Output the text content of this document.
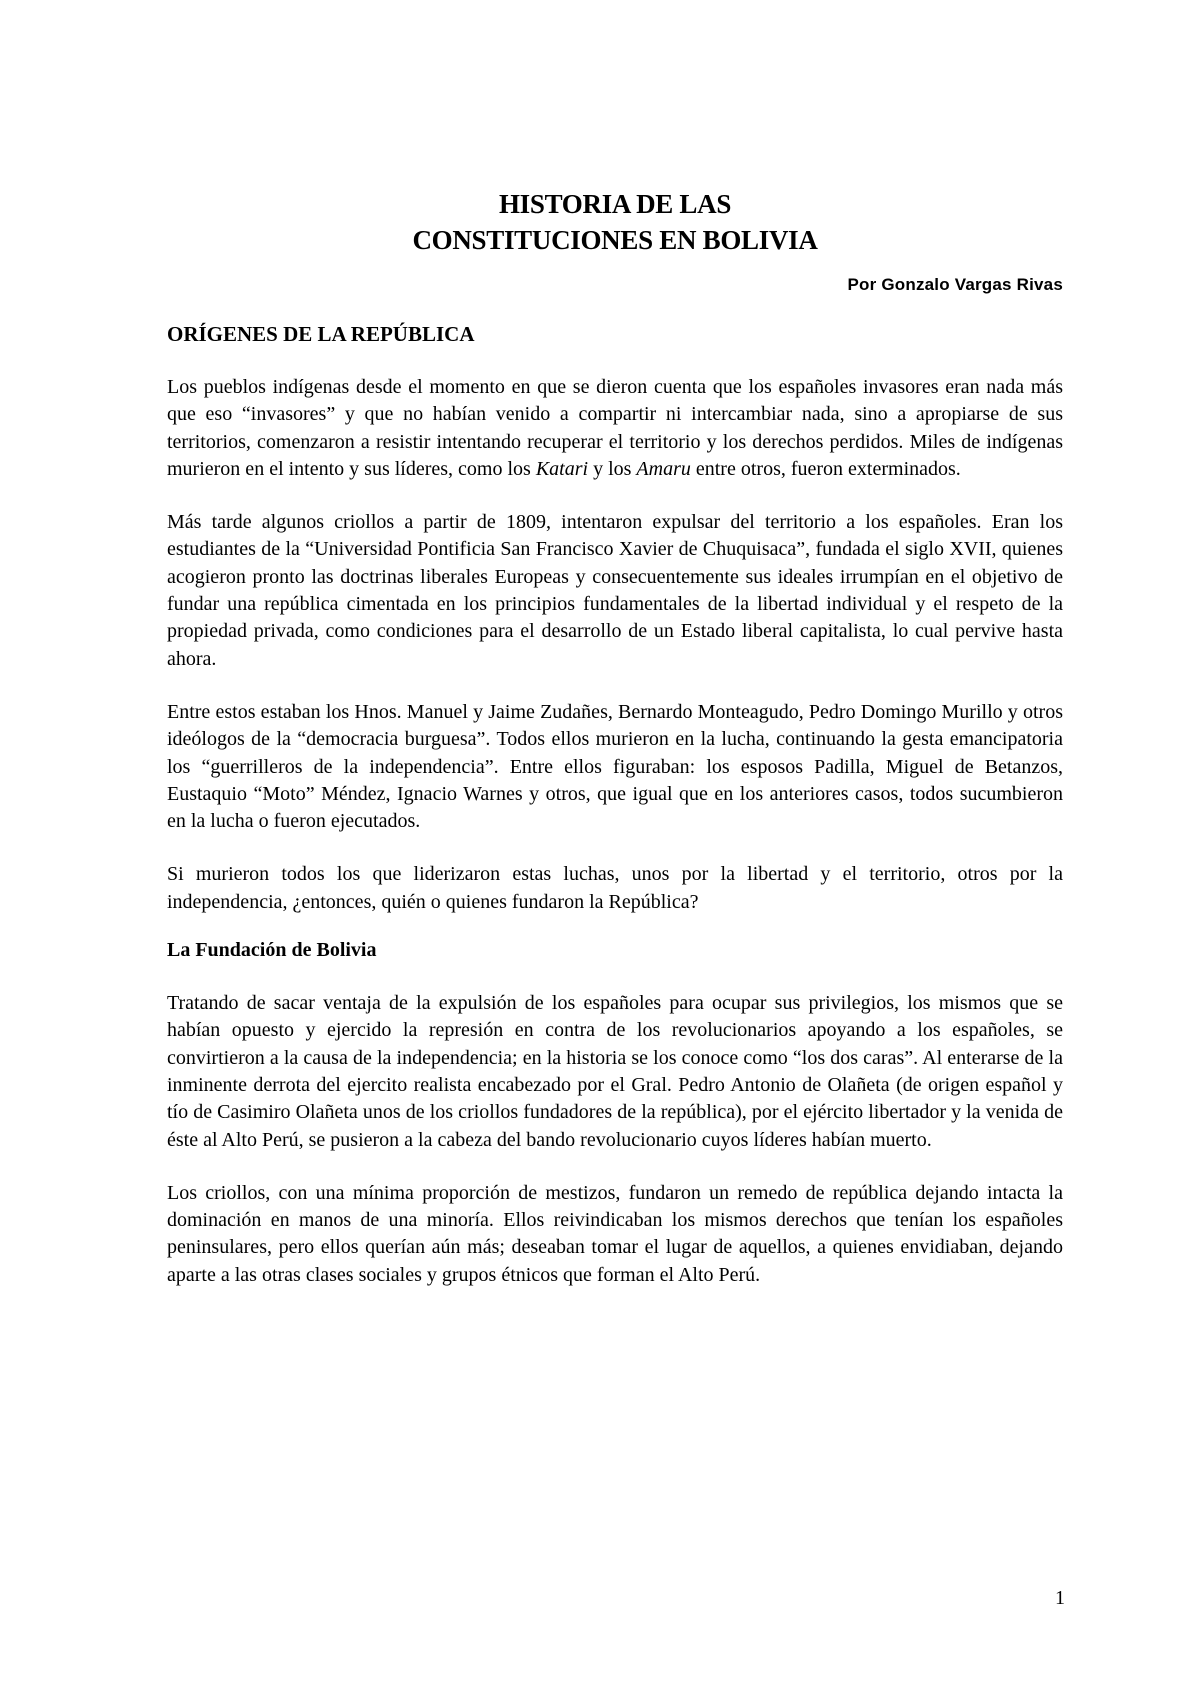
HISTORIA DE LAS
CONSTITUCIONES EN BOLIVIA

Por Gonzalo Vargas Rivas

ORÍGENES DE LA REPÚBLICA

Los pueblos indígenas desde el momento en que se dieron cuenta que los españoles invasores eran nada más que eso “invasores” y que no habían venido a compartir ni intercambiar nada, sino a apropiarse de sus territorios, comenzaron a resistir intentando recuperar el territorio y los derechos perdidos. Miles de indígenas murieron en el intento y sus líderes, como los Katari y los Amaru entre otros, fueron exterminados.

Más tarde algunos criollos a partir de 1809, intentaron expulsar del territorio a los españoles. Eran los estudiantes de la “Universidad Pontificia San Francisco Xavier de Chuquisaca”, fundada el siglo XVII, quienes acogieron pronto las doctrinas liberales Europeas y consecuentemente sus ideales irrumpían en el objetivo de fundar una república cimentada en los principios fundamentales de la libertad individual y el respeto de la propiedad privada, como condiciones para el desarrollo de un Estado liberal capitalista, lo cual pervive hasta ahora.

Entre estos estaban los Hnos. Manuel y Jaime Zudañes, Bernardo Monteagudo, Pedro Domingo Murillo y otros ideólogos de la “democracia burguesa”. Todos ellos murieron en la lucha, continuando la gesta emancipatoria los “guerrilleros de la independencia”. Entre ellos figuraban: los esposos Padilla, Miguel de Betanzos, Eustaquio “Moto” Méndez, Ignacio Warnes y otros, que igual que en los anteriores casos, todos sucumbieron en la lucha o fueron ejecutados.

Si murieron todos los que liderizaron estas luchas, unos por la libertad y el territorio, otros por la independencia, ¿entonces, quién o quienes fundaron la República?

La Fundación de Bolivia

Tratando de sacar ventaja de la expulsión de los españoles para ocupar sus privilegios, los mismos que se habían opuesto y ejercido la represión en contra de los revolucionarios apoyando a los españoles, se convirtieron a la causa de la independencia; en la historia se los conoce como “los dos caras”. Al enterarse de la inminente derrota del ejercito realista encabezado por el Gral. Pedro Antonio de Olañeta (de origen español y tío de Casimiro Olañeta unos de los criollos fundadores de la república), por el ejército libertador y la venida de éste al Alto Perú, se pusieron a la cabeza del bando revolucionario cuyos líderes habían muerto.

Los criollos, con una mínima proporción de mestizos, fundaron un remedo de república dejando intacta la dominación en manos de una minoría. Ellos reivindicaban los mismos derechos que tenían los españoles peninsulares, pero ellos querían aún más; deseaban tomar el lugar de aquellos, a quienes envidiaban, dejando aparte a las otras clases sociales y grupos étnicos que forman el Alto Perú.

1
